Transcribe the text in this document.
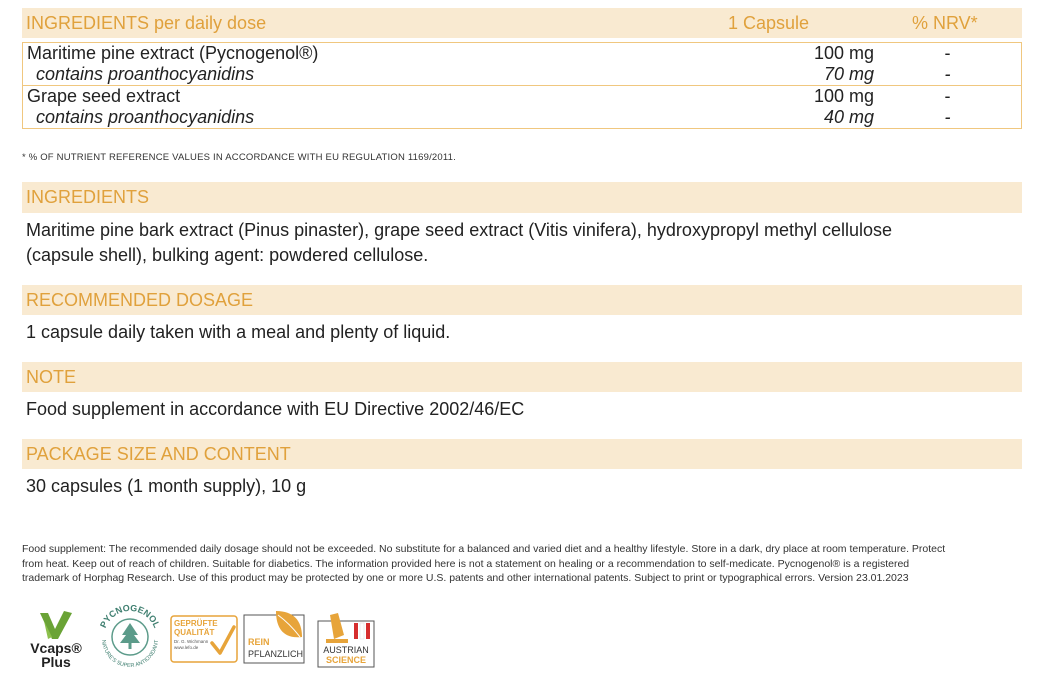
INGREDIENTS per daily dose	1 Capsule	% NRV*
Maritime pine extract (Pycnogenol®)	100 mg	-
contains proanthocyanidins	70 mg	-
Grape seed extract	100 mg	-
contains proanthocyanidins	40 mg	-
* % OF NUTRIENT REFERENCE VALUES IN ACCORDANCE WITH EU REGULATION 1169/2011.
INGREDIENTS
Maritime pine bark extract (Pinus pinaster), grape seed extract (Vitis vinifera), hydroxypropyl methyl cellulose
(capsule shell), bulking agent: powdered cellulose.
RECOMMENDED DOSAGE
1 capsule daily taken with a meal and plenty of liquid.
NOTE
Food supplement in accordance with EU Directive 2002/46/EC
PACKAGE SIZE AND CONTENT
30 capsules (1 month supply), 10 g
Food supplement: The recommended daily dosage should not be exceeded. No substitute for a balanced and varied diet and a healthy lifestyle. Store in a dark, dry place at room temperature. Protect
from heat. Keep out of reach of children. Suitable for diabetics. The information provided here is not a statement on healing or a recommendation to self-medicate. Pycnogenol® is a registered
trademark of Horphag Research. Use of this product may be protected by one or more U.S. patents and other international patents. Subject to print or typographical errors. Version 23.01.2023
Vcaps®
Plus
PYCNOGENOL
NATURE'S SUPER ANTIOXIDANT
GEPRÜFTE
QUALITÄT
Dr. G. Wichmann
www.lefo.de
REIN
PFLANZLICH AUSTRIAN
SCIENCE
